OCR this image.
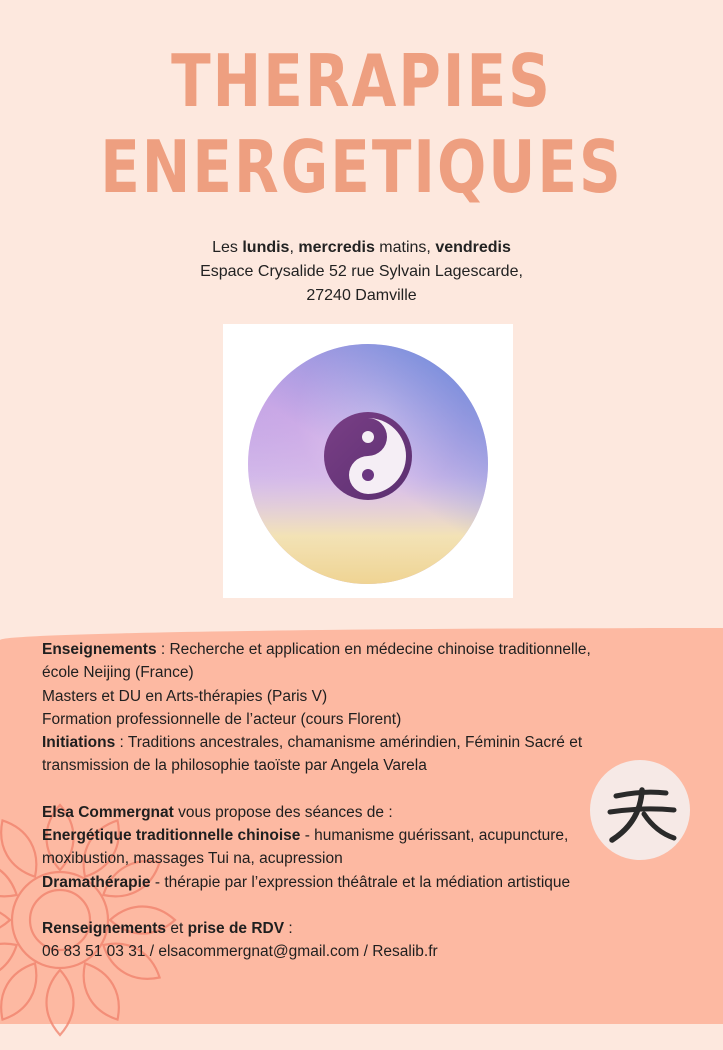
THERAPIES
ENERGETIQUES
Les lundis, mercredis matins, vendredis
Espace Crysalide 52 rue Sylvain Lagescarde,
27240 Damville

Enseignements : Recherche et application en médecine chinoise traditionnelle, école Neijing (France)

Masters et DU en Arts-thérapies (Paris V)

Formation professionnelle de l’acteur (cours Florent)

Initiations : Traditions ancestrales, chamanisme amérindien, Féminin Sacré et transmission de la philosophie taoïste par Angela Varela

Elsa Commergnat vous propose des séances de :

Energétique traditionnelle chinoise - humanisme guérissant, acupuncture, moxibustion, massages Tui na, acupression

Dramathérapie - thérapie par l’expression théâtrale et la médiation artistique

Renseignements et prise de RDV :

06 83 51 03 31 / elsacommergnat@gmail.com / Resalib.fr
